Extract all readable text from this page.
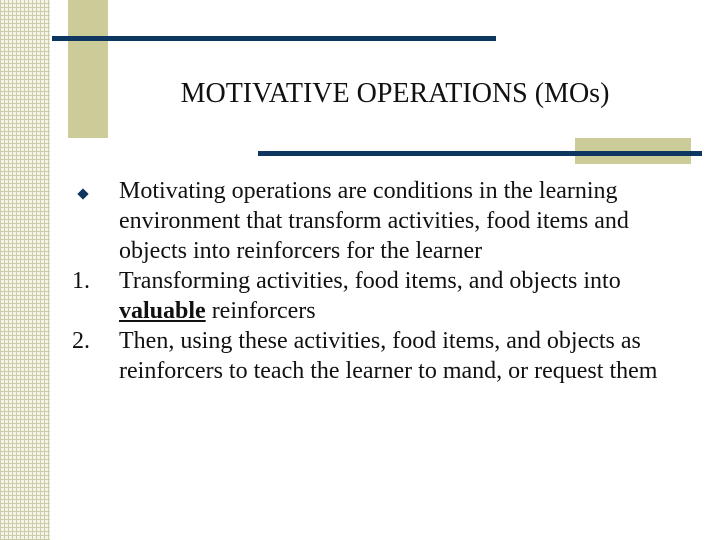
MOTIVATIVE OPERATIONS (MOs)
Motivating operations are conditions in the learning environment that transform activities, food items and objects into reinforcers for the learner
1.	Transforming activities, food items, and objects into valuable reinforcers
2.	Then, using these activities, food items, and objects as reinforcers to teach the learner to mand, or request them
